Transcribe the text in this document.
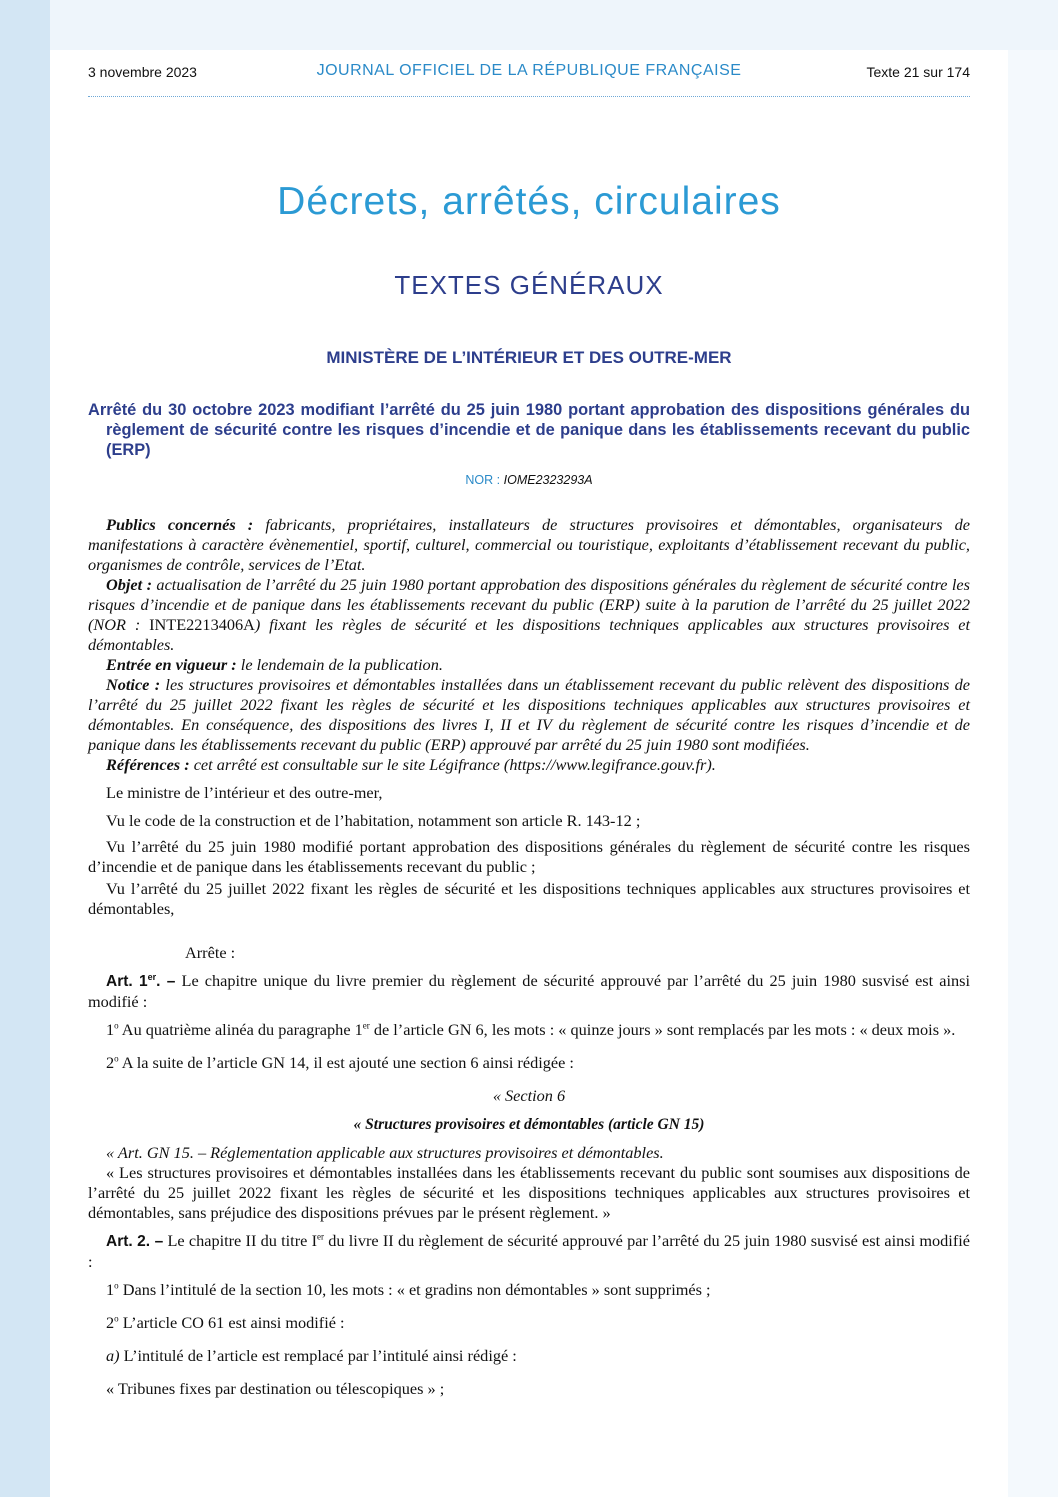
3 novembre 2023	JOURNAL OFFICIEL DE LA RÉPUBLIQUE FRANÇAISE	Texte 21 sur 174
Décrets, arrêtés, circulaires
TEXTES GÉNÉRAUX
MINISTÈRE DE L’INTÉRIEUR ET DES OUTRE-MER
Arrêté du 30 octobre 2023 modifiant l’arrêté du 25 juin 1980 portant approbation des dispositions générales du règlement de sécurité contre les risques d’incendie et de panique dans les établissements recevant du public (ERP)
NOR : IOME2323293A

Publics concernés : fabricants, propriétaires, installateurs de structures provisoires et démontables, organisateurs de manifestations à caractère évènementiel, sportif, culturel, commercial ou touristique, exploitants d’établissement recevant du public, organismes de contrôle, services de l’Etat.

Objet : actualisation de l’arrêté du 25 juin 1980 portant approbation des dispositions générales du règlement de sécurité contre les risques d’incendie et de panique dans les établissements recevant du public (ERP) suite à la parution de l’arrêté du 25 juillet 2022 (NOR : INTE2213406A) fixant les règles de sécurité et les dispositions techniques applicables aux structures provisoires et démontables.

Entrée en vigueur : le lendemain de la publication.

Notice : les structures provisoires et démontables installées dans un établissement recevant du public relèvent des dispositions de l’arrêté du 25 juillet 2022 fixant les règles de sécurité et les dispositions techniques applicables aux structures provisoires et démontables. En conséquence, des dispositions des livres I, II et IV du règlement de sécurité contre les risques d’incendie et de panique dans les établissements recevant du public (ERP) approuvé par arrêté du 25 juin 1980 sont modifiées.

Références : cet arrêté est consultable sur le site Légifrance (https://www.legifrance.gouv.fr).

Le ministre de l’intérieur et des outre-mer,

Vu le code de la construction et de l’habitation, notamment son article R. 143-12 ;

Vu l’arrêté du 25 juin 1980 modifié portant approbation des dispositions générales du règlement de sécurité contre les risques d’incendie et de panique dans les établissements recevant du public ;

Vu l’arrêté du 25 juillet 2022 fixant les règles de sécurité et les dispositions techniques applicables aux structures provisoires et démontables,

Arrête :

Art. 1er. – Le chapitre unique du livre premier du règlement de sécurité approuvé par l’arrêté du 25 juin 1980 susvisé est ainsi modifié :

1$^o$ Au quatrième alinéa du paragraphe 1er de l’article GN 6, les mots : « quinze jours » sont remplacés par les mots : « deux mois ».

2$^o$ A la suite de l’article GN 14, il est ajouté une section 6 ainsi rédigée :

« Section 6

« Structures provisoires et démontables (article GN 15)

« Art. GN 15. – Réglementation applicable aux structures provisoires et démontables.

« Les structures provisoires et démontables installées dans les établissements recevant du public sont soumises aux dispositions de l’arrêté du 25 juillet 2022 fixant les règles de sécurité et les dispositions techniques applicables aux structures provisoires et démontables, sans préjudice des dispositions prévues par le présent règlement. »

Art. 2. – Le chapitre II du titre Ier du livre II du règlement de sécurité approuvé par l’arrêté du 25 juin 1980 susvisé est ainsi modifié :

1$^o$ Dans l’intitulé de la section 10, les mots : « et gradins non démontables » sont supprimés ;

2$^o$ L’article CO 61 est ainsi modifié :

a) L’intitulé de l’article est remplacé par l’intitulé ainsi rédigé :

« Tribunes fixes par destination ou télescopiques » ;
